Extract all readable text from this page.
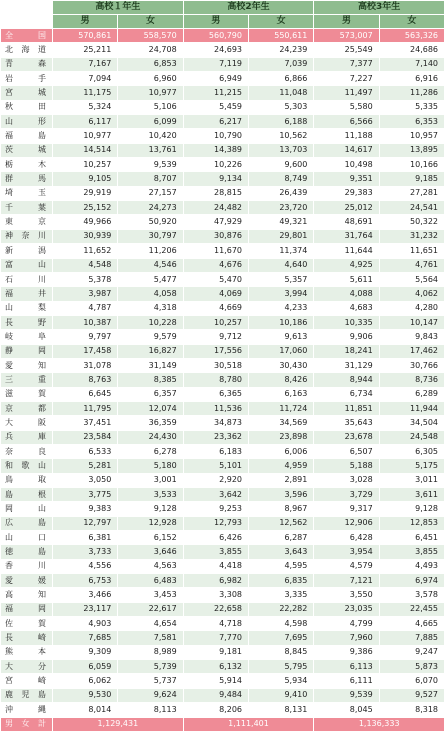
	高校１年生		高校2年生		高校3年生	
	男	女	男	女	男	女
全国	570,861	558,570	560,790	550,611	573,007	563,326
北海道	25,211	24,708	24,693	24,239	25,549	24,686
青森	7,167	6,853	7,119	7,039	7,377	7,140
岩手	7,094	6,960	6,949	6,866	7,227	6,916
宮城	11,175	10,977	11,215	11,048	11,497	11,286
秋田	5,324	5,106	5,459	5,303	5,580	5,335
山形	6,117	6,099	6,217	6,188	6,566	6,353
福島	10,977	10,420	10,790	10,562	11,188	10,957
茨城	14,514	13,761	14,389	13,703	14,617	13,895
栃木	10,257	9,539	10,226	9,600	10,498	10,166
群馬	9,105	8,707	9,134	8,749	9,351	9,185
埼玉	29,919	27,157	28,815	26,439	29,383	27,281
千葉	25,152	24,273	24,482	23,720	25,012	24,541
東京	49,966	50,920	47,929	49,321	48,691	50,322
神奈川	30,939	30,797	30,876	29,801	31,764	31,232
新潟	11,652	11,206	11,670	11,374	11,644	11,651
富山	4,548	4,546	4,676	4,640	4,925	4,761
石川	5,378	5,477	5,470	5,357	5,611	5,564
福井	3,987	4,058	4,069	3,994	4,088	4,062
山梨	4,787	4,318	4,669	4,233	4,683	4,280
長野	10,387	10,228	10,257	10,186	10,335	10,147
岐阜	9,797	9,579	9,712	9,613	9,906	9,843
静岡	17,458	16,827	17,556	17,060	18,241	17,462
愛知	31,078	31,149	30,518	30,430	31,129	30,766
三重	8,763	8,385	8,780	8,426	8,944	8,736
滋賀	6,645	6,357	6,365	6,163	6,734	6,289
京都	11,795	12,074	11,536	11,724	11,851	11,944
大阪	37,451	36,359	34,873	34,569	35,643	34,504
兵庫	23,584	24,430	23,362	23,898	23,678	24,548
奈良	6,533	6,278	6,183	6,006	6,507	6,305
和歌山	5,281	5,180	5,101	4,959	5,188	5,175
鳥取	3,050	3,001	2,920	2,891	3,028	3,011
島根	3,775	3,533	3,642	3,596	3,729	3,611
岡山	9,383	9,128	9,253	8,967	9,317	9,128
広島	12,797	12,928	12,793	12,562	12,906	12,853
山口	6,381	6,152	6,426	6,287	6,428	6,451
徳島	3,733	3,646	3,855	3,643	3,954	3,855
香川	4,556	4,563	4,418	4,595	4,579	4,493
愛媛	6,753	6,483	6,982	6,835	7,121	6,974
高知	3,466	3,453	3,308	3,335	3,550	3,578
福岡	23,117	22,617	22,658	22,282	23,035	22,455
佐賀	4,903	4,654	4,718	4,598	4,799	4,665
長崎	7,685	7,581	7,770	7,695	7,960	7,885
熊本	9,309	8,989	9,181	8,845	9,386	9,247
大分	6,059	5,739	6,132	5,795	6,113	5,873
宮崎	6,062	5,737	5,914	5,934	6,111	6,070
鹿児島	9,530	9,624	9,484	9,410	9,539	9,527
沖縄	8,014	8,113	8,206	8,131	8,045	8,318
男女計	1,129,431		1,111,401		1,136,333	
